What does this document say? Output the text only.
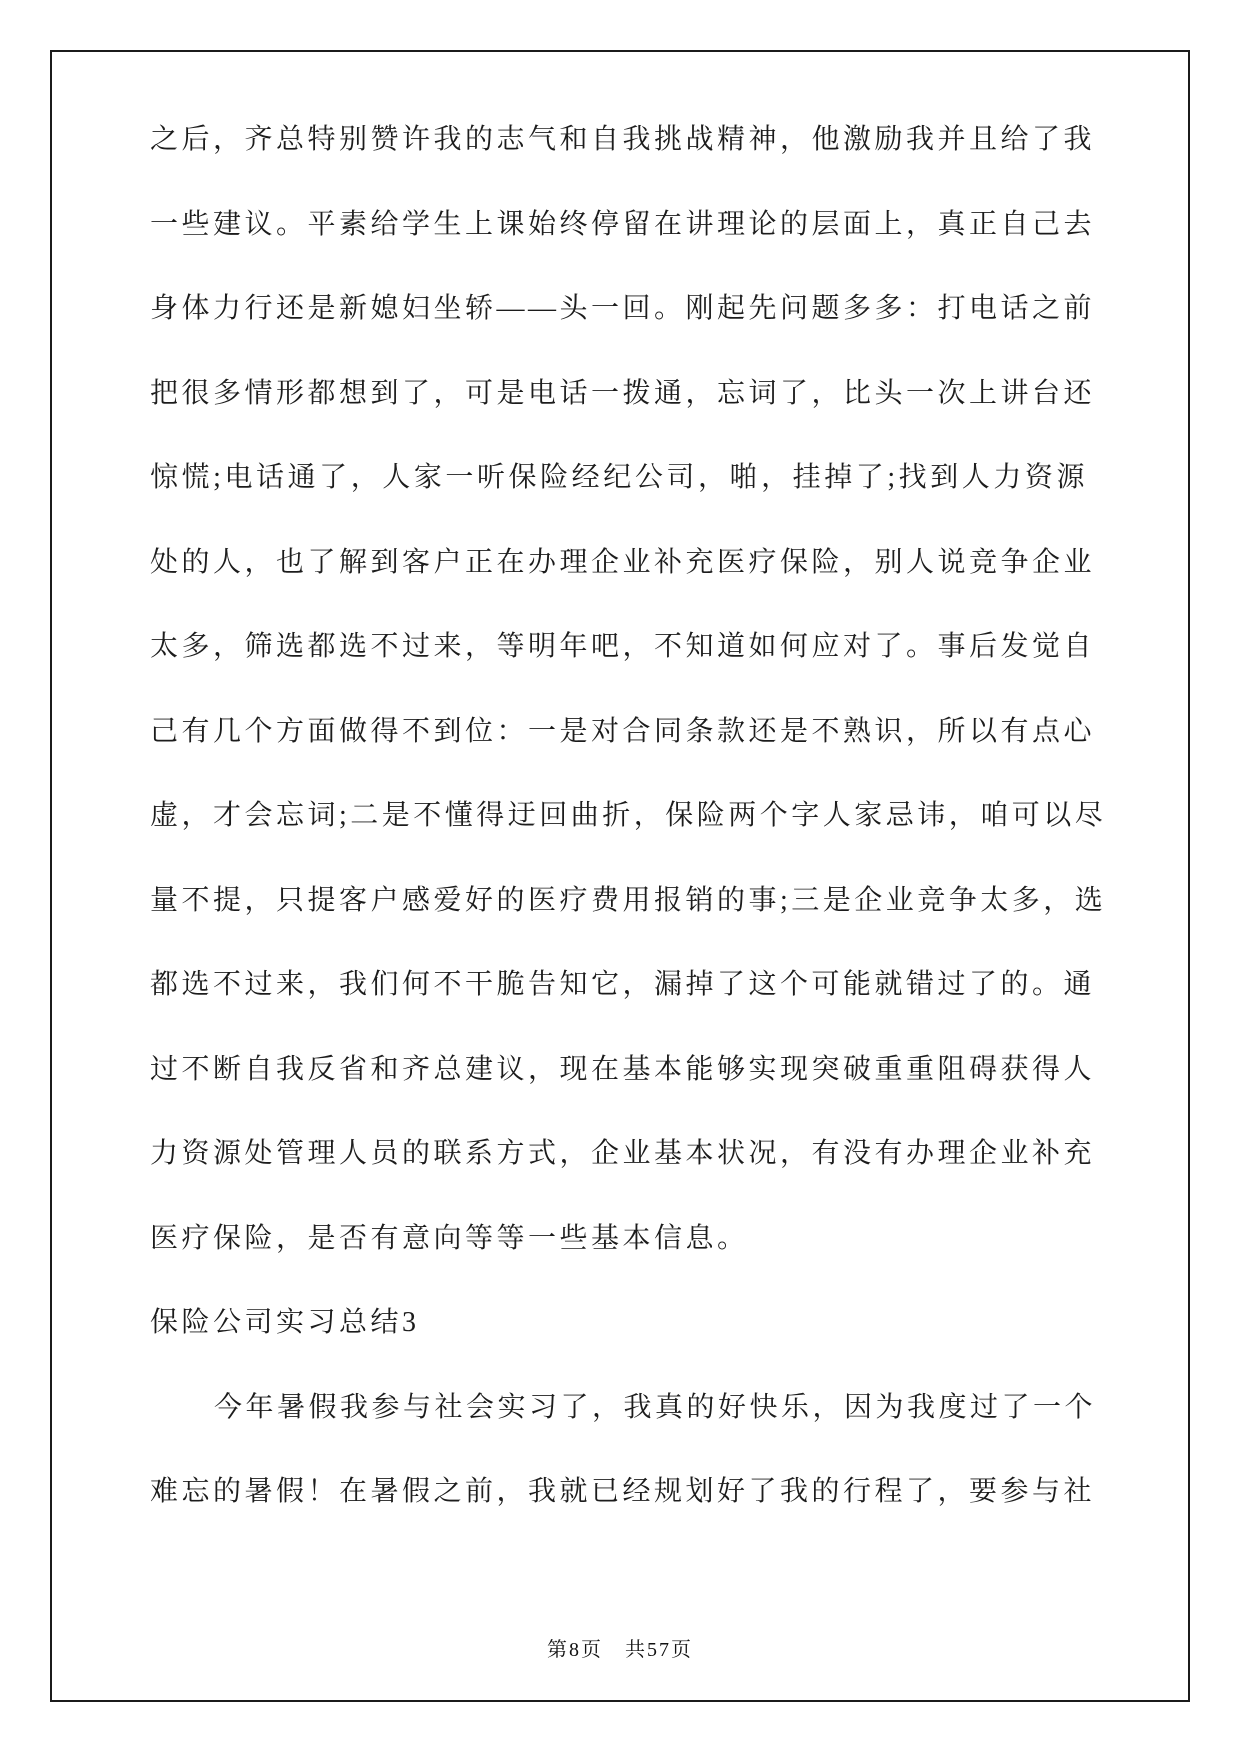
之后，齐总特别赞许我的志气和自我挑战精神，他激励我并且给了我
一些建议。平素给学生上课始终停留在讲理论的层面上，真正自己去
身体力行还是新媳妇坐轿——头一回。刚起先问题多多：打电话之前
把很多情形都想到了，可是电话一拨通，忘词了，比头一次上讲台还
惊慌;电话通了，人家一听保险经纪公司，啪，挂掉了;找到人力资源
处的人，也了解到客户正在办理企业补充医疗保险，别人说竞争企业
太多，筛选都选不过来，等明年吧，不知道如何应对了。事后发觉自
己有几个方面做得不到位：一是对合同条款还是不熟识，所以有点心
虚，才会忘词;二是不懂得迂回曲折，保险两个字人家忌讳，咱可以尽
量不提，只提客户感爱好的医疗费用报销的事;三是企业竞争太多，选
都选不过来，我们何不干脆告知它，漏掉了这个可能就错过了的。通
过不断自我反省和齐总建议，现在基本能够实现突破重重阻碍获得人
力资源处管理人员的联系方式，企业基本状况，有没有办理企业补充
医疗保险，是否有意向等等一些基本信息。
保险公司实习总结3
今年暑假我参与社会实习了，我真的好快乐，因为我度过了一个
难忘的暑假！在暑假之前，我就已经规划好了我的行程了，要参与社
第8页 共57页
